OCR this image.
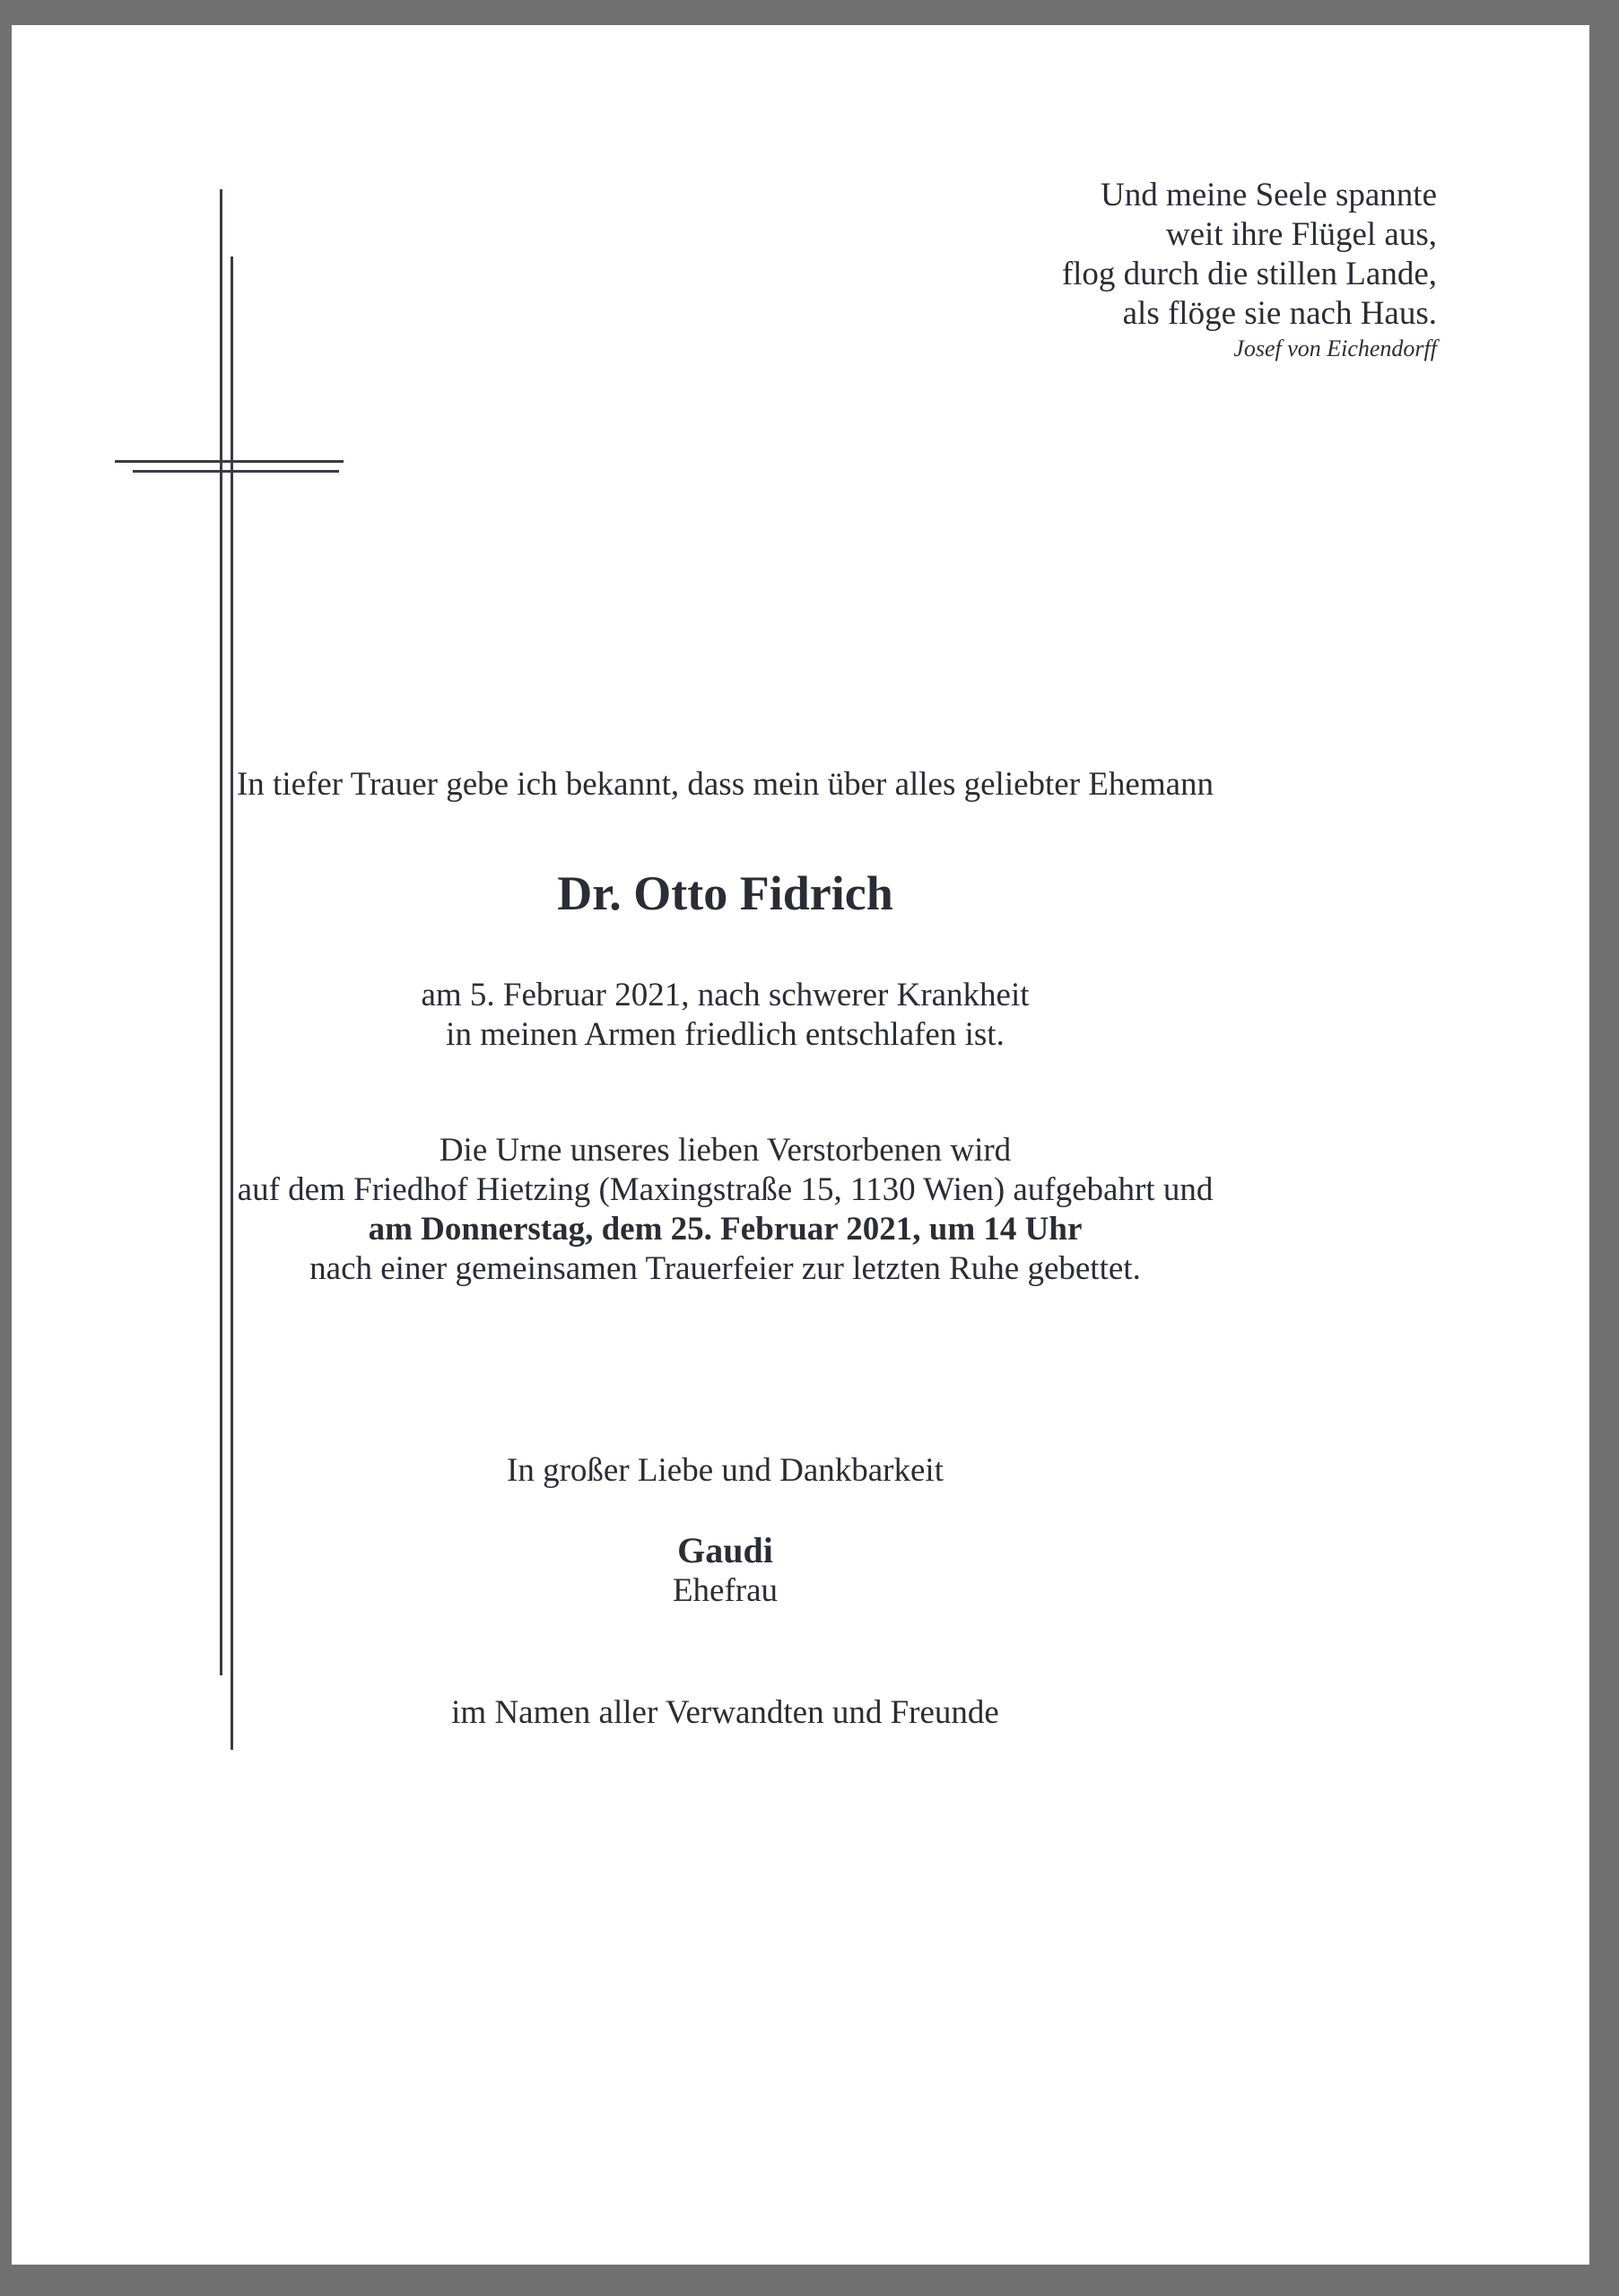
Und meine Seele spannte
weit ihre Flügel aus,
flog durch die stillen Lande,
als flöge sie nach Haus.
Josef von Eichendorff
In tiefer Trauer gebe ich bekannt, dass mein über alles geliebter Ehemann
Dr. Otto Fidrich
am 5. Februar 2021, nach schwerer Krankheit
in meinen Armen friedlich entschlafen ist.
Die Urne unseres lieben Verstorbenen wird
auf dem Friedhof Hietzing (Maxingstraße 15, 1130 Wien) aufgebahrt und
am Donnerstag, dem 25. Februar 2021, um 14 Uhr
nach einer gemeinsamen Trauerfeier zur letzten Ruhe gebettet.
In großer Liebe und Dankbarkeit
Gaudi
Ehefrau
im Namen aller Verwandten und Freunde
